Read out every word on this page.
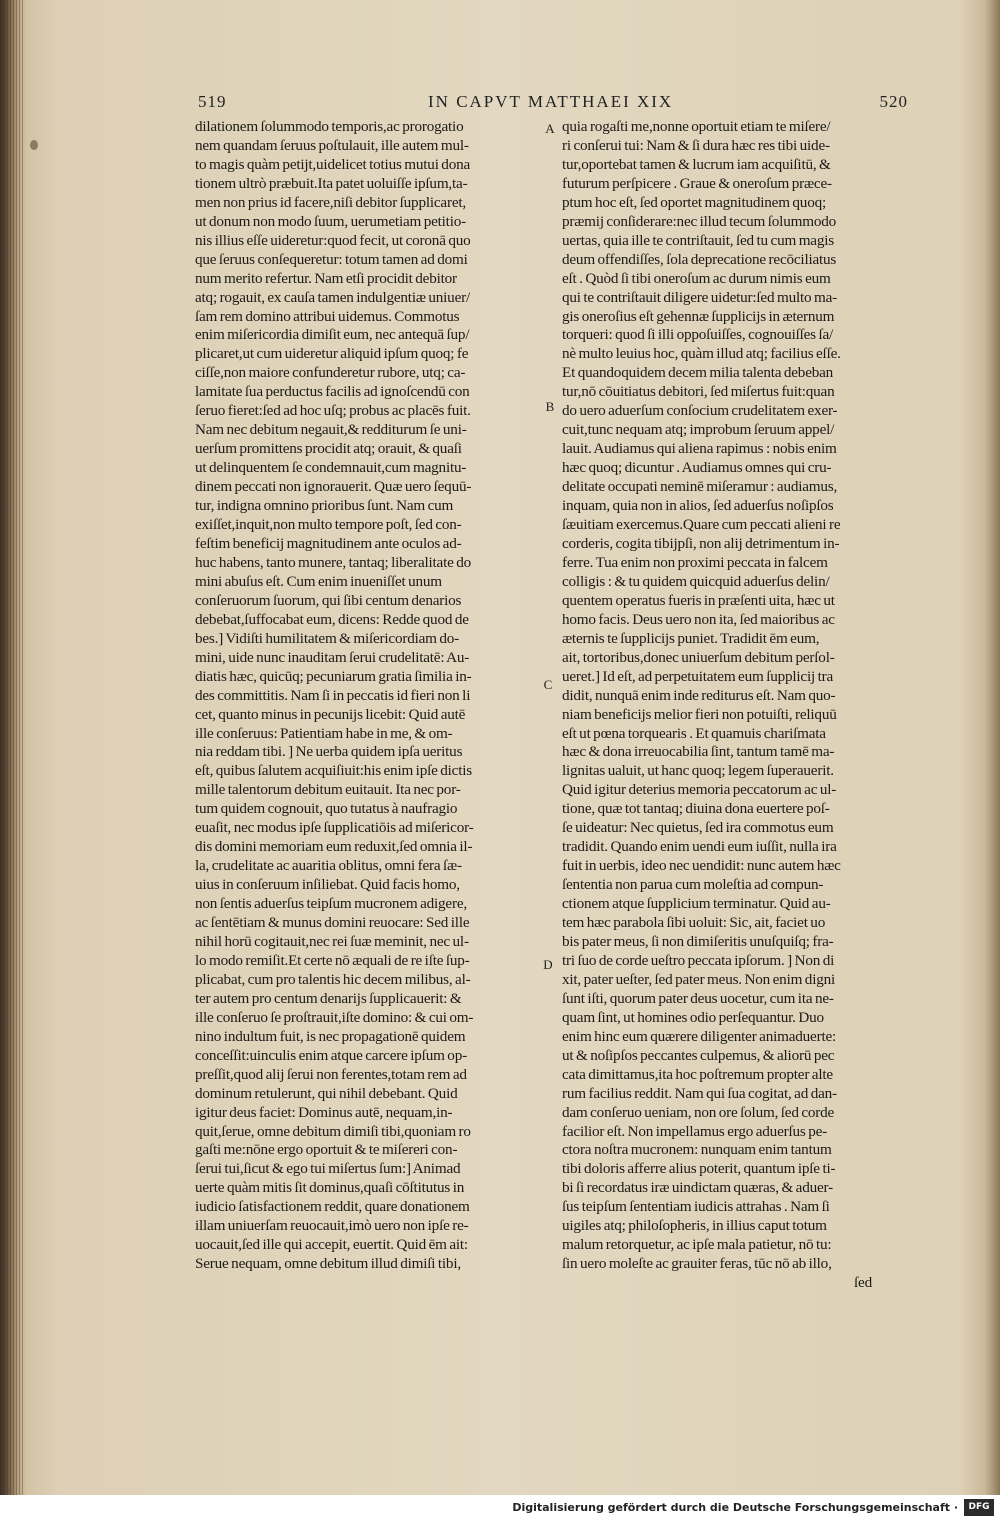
519	IN CAPVT MATTHAEI XIX	520
A
B
C
D
dilationem ſolummodo temporis,ac prorogatio
nem quandam ſeruus poſtulauit, ille autem mul-
to magis quàm petijt,uidelicet totius mutui dona
tionem ultrò præbuit.Ita patet uoluiſſe ipſum,ta-
men non prius id facere,niſi debitor ſupplicaret,
ut donum non modo ſuum, uerumetiam petitio-
nis illius eſſe uideretur:quod fecit, ut coronā quo
que ſeruus conſequeretur: totum tamen ad domi
num merito refertur. Nam etſi procidit debitor
atq; rogauit, ex cauſa tamen indulgentiæ uniuer/
ſam rem domino attribui uidemus. Commotus
enim miſericordia dimiſit eum, nec antequā ſup/
plicaret,ut cum uideretur aliquid ipſum quoq; fe
ciſſe,non maiore confunderetur rubore, utq; ca-
lamitate ſua perductus facilis ad ignoſcendū con
ſeruo fieret:ſed ad hoc uſq; probus ac placēs fuit.
Nam nec debitum negauit,& redditurum ſe uni-
uerſum promittens procidit atq; orauit, & quaſi
ut delinquentem ſe condemnauit,cum magnitu-
dinem peccati non ignorauerit. Quæ uero ſequū-
tur, indigna omnino prioribus ſunt. Nam cum
exiſſet,inquit,non multo tempore poſt, ſed con-
feſtim beneficij magnitudinem ante oculos ad-
huc habens, tanto munere, tantaq; liberalitate do
mini abuſus eſt. Cum enim inueniſſet unum
conſeruorum ſuorum, qui ſibi centum denarios
debebat,ſuffocabat eum, dicens: Redde quod de
bes.] Vidiſti humilitatem & miſericordiam do-
mini, uide nunc inauditam ſerui crudelitatē: Au-
diatis hæc, quicūq; pecuniarum gratia ſimilia in-
des committitis. Nam ſi in peccatis id fieri non li
cet, quanto minus in pecunijs licebit: Quid autē
ille conſeruus: Patientiam habe in me, & om-
nia reddam tibi. ] Ne uerba quidem ipſa ueritus
eſt, quibus ſalutem acquiſiuit:his enim ipſe dictis
mille talentorum debitum euitauit. Ita nec por-
tum quidem cognouit, quo tutatus à naufragio
euaſit, nec modus ipſe ſupplicatiōis ad miſericor-
dis domini memoriam eum reduxit,ſed omnia il-
la, crudelitate ac auaritia oblitus, omni fera ſæ-
uius in conſeruum inſiliebat. Quid facis homo,
non ſentis aduerſus teipſum mucronem adigere,
ac ſentētiam & munus domini reuocare: Sed ille
nihil horū cogitauit,nec rei ſuæ meminit, nec ul-
lo modo remiſit.Et certe nō æquali de re iſte ſup-
plicabat, cum pro talentis hic decem milibus, al-
ter autem pro centum denarijs ſupplicauerit: &
ille conſeruo ſe proſtrauit,iſte domino: & cui om-
nino indultum fuit, is nec propagationē quidem
conceſſit:uinculis enim atque carcere ipſum op-
preſſit,quod alij ſerui non ferentes,totam rem ad
dominum retulerunt, qui nihil debebant. Quid
igitur deus faciet: Dominus autē, nequam,in-
quit,ſerue, omne debitum dimiſi tibi,quoniam ro
gaſti me:nōne ergo oportuit & te miſereri con-
ſerui tui,ſicut & ego tui miſertus ſum:] Animad
uerte quàm mitis ſit dominus,quaſi cōſtitutus in
iudicio ſatisfactionem reddit, quare donationem
illam uniuerſam reuocauit,imò uero non ipſe re-
uocauit,ſed ille qui accepit, euertit. Quid ēm ait:
Serue nequam, omne debitum illud dimiſi tibi,
quia rogaſti me,nonne oportuit etiam te miſere/
ri conſerui tui: Nam & ſi dura hæc res tibi uide-
tur,oportebat tamen & lucrum iam acquiſitū, &
futurum perſpicere . Graue & oneroſum præce-
ptum hoc eſt, ſed oportet magnitudinem quoq;
præmij conſiderare:nec illud tecum ſolummodo
uertas, quia ille te contriſtauit, ſed tu cum magis
deum offendiſſes, ſola deprecatione recōciliatus
eſt . Quòd ſi tibi oneroſum ac durum nimis eum
qui te contriſtauit diligere uidetur:ſed multo ma-
gis oneroſius eſt gehennæ ſupplicijs in æternum
torqueri: quod ſi illi oppoſuiſſes, cognouiſſes ſa/
nè multo leuius hoc, quàm illud atq; facilius eſſe.
Et quandoquidem decem milia talenta debeban
tur,nō cōuitiatus debitori, ſed miſertus fuit:quan
do uero aduerſum conſocium crudelitatem exer-
cuit,tunc nequam atq; improbum ſeruum appel/
lauit. Audiamus qui aliena rapimus : nobis enim
hæc quoq; dicuntur . Audiamus omnes qui cru-
delitate occupati neminē miſeramur : audiamus,
inquam, quia non in alios, ſed aduerſus noſipſos
ſæuitiam exercemus.Quare cum peccati alieni re
corderis, cogita tibijpſi, non alij detrimentum in-
ferre. Tua enim non proximi peccata in falcem
colligis : & tu quidem quicquid aduerſus delin/
quentem operatus fueris in præſenti uita, hæc ut
homo facis. Deus uero non ita, ſed maioribus ac
æternis te ſupplicijs puniet. Tradidit ēm eum,
ait, tortoribus,donec uniuerſum debitum perſol-
ueret.] Id eſt, ad perpetuitatem eum ſupplicij tra
didit, nunquā enim inde rediturus eſt. Nam quo-
niam beneficijs melior fieri non potuiſti, reliquū
eſt ut pœna torquearis . Et quamuis chariſmata
hæc & dona irreuocabilia ſint, tantum tamē ma-
lignitas ualuit, ut hanc quoq; legem ſuperauerit.
Quid igitur deterius memoria peccatorum ac ul-
tione, quæ tot tantaq; diuina dona euertere poſ-
ſe uideatur: Nec quietus, ſed ira commotus eum
tradidit. Quando enim uendi eum iuſſit, nulla ira
fuit in uerbis, ideo nec uendidit: nunc autem hæc
ſententia non parua cum moleſtia ad compun-
ctionem atque ſupplicium terminatur. Quid au-
tem hæc parabola ſibi uoluit: Sic, ait, faciet uo
bis pater meus, ſi non dimiſeritis unuſquiſq; fra-
tri ſuo de corde ueſtro peccata ipſorum. ] Non di
xit, pater ueſter, ſed pater meus. Non enim digni
ſunt iſti, quorum pater deus uocetur, cum ita ne-
quam ſint, ut homines odio perſequantur. Duo
enim hinc eum quærere diligenter animaduerte:
ut & noſipſos peccantes culpemus, & aliorū pec
cata dimittamus,ita hoc poſtremum propter alte
rum facilius reddit. Nam qui ſua cogitat, ad dan-
dam conſeruo ueniam, non ore ſolum, ſed corde
facilior eſt. Non impellamus ergo aduerſus pe-
ctora noſtra mucronem: nunquam enim tantum
tibi doloris afferre alius poterit, quantum ipſe ti-
bi ſi recordatus iræ uindictam quæras, & aduer-
ſus teipſum ſententiam iudicis attrahas . Nam ſi
uigiles atq; philoſopheris, in illius caput totum
malum retorquetur, ac ipſe mala patietur, nō tu:
ſin uero moleſte ac grauiter feras, tūc nō ab illo,
ſed
Digitalisierung gefördert durch die Deutsche Forschungsgemeinschaft ·	DFG
